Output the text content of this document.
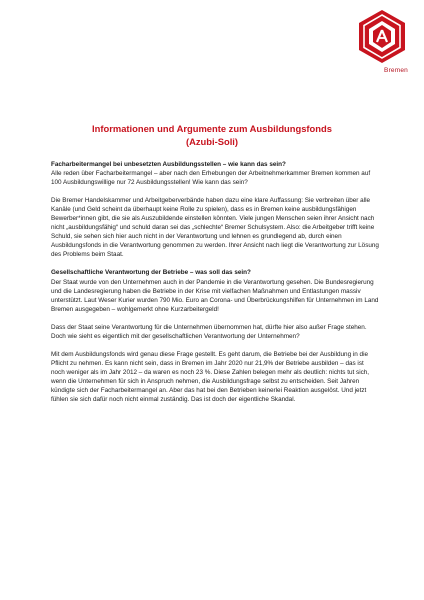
Bremen
Informationen und Argumente zum Ausbildungsfonds
(Azubi-Soli)
Facharbeitermangel bei unbesetzten Ausbildungsstellen – wie kann das sein?

Alle reden über Facharbeitermangel – aber nach den Erhebungen der Arbeitnehmerkammer Bremen kommen auf 100 Ausbildungswillige nur 72 Ausbildungsstellen! Wie kann das sein?

Die Bremer Handelskammer und Arbeitgeberverbände haben dazu eine klare Auffassung: Sie verbreiten über alle Kanäle (und Geld scheint da überhaupt keine Rolle zu spielen), dass es in Bremen keine ausbildungsfähigen Bewerber*innen gibt, die sie als Auszubildende einstellen könnten. Viele jungen Menschen seien ihrer Ansicht nach nicht „ausbildungsfähig“ und schuld daran sei das „schlechte“ Bremer Schulsystem. Also: die Arbeitgeber trifft keine Schuld, sie sehen sich hier auch nicht in der Verantwortung und lehnen es grundlegend ab, durch einen Ausbildungsfonds in die Verantwortung genommen zu werden. Ihrer Ansicht nach liegt die Verantwortung zur Lösung des Problems beim Staat.

Gesellschaftliche Verantwortung der Betriebe – was soll das sein?

Der Staat wurde von den Unternehmen auch in der Pandemie in die Verantwortung gesehen. Die Bundesregierung und die Landesregierung haben die Betriebe in der Krise mit vielfachen Maßnahmen und Entlastungen massiv unterstützt. Laut Weser Kurier wurden 790 Mio. Euro an Corona- und Überbrückungshilfen für Unternehmen im Land Bremen ausgegeben – wohlgemerkt ohne Kurzarbeitergeld!

Dass der Staat seine Verantwortung für die Unternehmen übernommen hat, dürfte hier also außer Frage stehen. Doch wie sieht es eigentlich mit der gesellschaftlichen Verantwortung der Unternehmen?

Mit dem Ausbildungsfonds wird genau diese Frage gestellt. Es geht darum, die Betriebe bei der Ausbildung in die Pflicht zu nehmen. Es kann nicht sein, dass in Bremen im Jahr 2020 nur 21,9% der Betriebe ausbilden – das ist noch weniger als im Jahr 2012 – da waren es noch 23 %. Diese Zahlen belegen mehr als deutlich: nichts tut sich, wenn die Unternehmen für sich in Anspruch nehmen, die Ausbildungsfrage selbst zu entscheiden. Seit Jahren kündigte sich der Facharbeitermangel an. Aber das hat bei den Betrieben keinerlei Reaktion ausgelöst. Und jetzt fühlen sie sich dafür noch nicht einmal zuständig. Das ist doch der eigentliche Skandal.
